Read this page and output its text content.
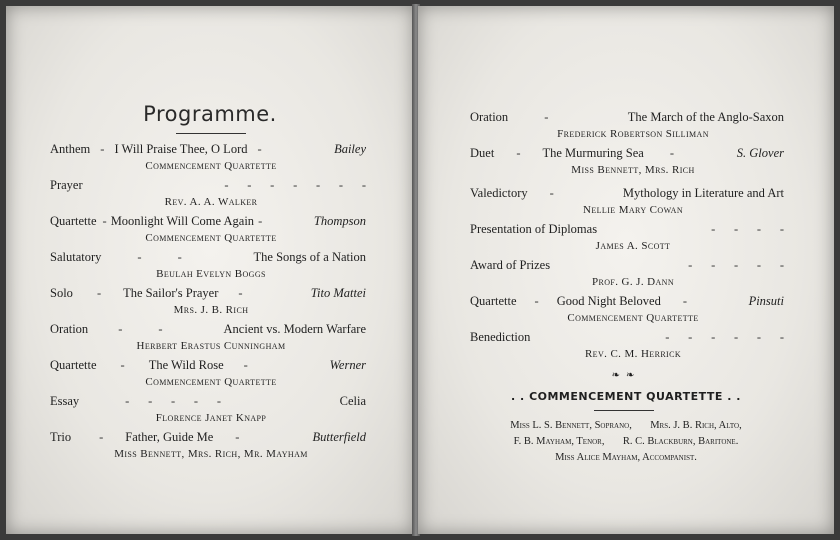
Programme.
Anthem - I Will Praise Thee, O Lord -	Bailey
Commencement Quartette
Prayer	-      -      -      -      -      -      -
Rev. A. A. Walker
Quartette - Moonlight Will Come Again -	Thompson
Commencement Quartette
Salutatory	-	-	The Songs of a Nation
Beulah Evelyn Boggs
Solo - The Sailor's Prayer -	Tito Mattei
Mrs. J. B. Rich
Oration -	-	Ancient vs. Modern Warfare
Herbert Erastus Cunningham
Quartette - The Wild Rose -	Werner
Commencement Quartette
Essay	-      -      -      -      -	Celia
Florence Janet Knapp
Trio - Father, Guide Me -	Butterfield
Miss Bennett, Mrs. Rich, Mr. Mayham
Oration	-	The March of the Anglo-Saxon
Frederick Robertson Silliman
Duet - The Murmuring Sea -	S. Glover
Miss Bennett, Mrs. Rich
Valedictory -	Mythology in Literature and Art
Nellie Mary Cowan
Presentation of Diplomas	-      -      -      -
James A. Scott
Award of Prizes	-      -      -      -      -
Prof. G. J. Dann
Quartette - Good Night Beloved -	Pinsuti
Commencement Quartette
Benediction	-      -      -      -      -      -
Rev. C. M. Herrick
❧❧
. . COMMENCEMENT QUARTETTE . .
Miss L. S. Bennett, Soprano,       Mrs. J. B. Rich, Alto,
F. B. Mayham, Tenor,       R. C. Blackburn, Baritone.
Miss Alice Mayham, Accompanist.
